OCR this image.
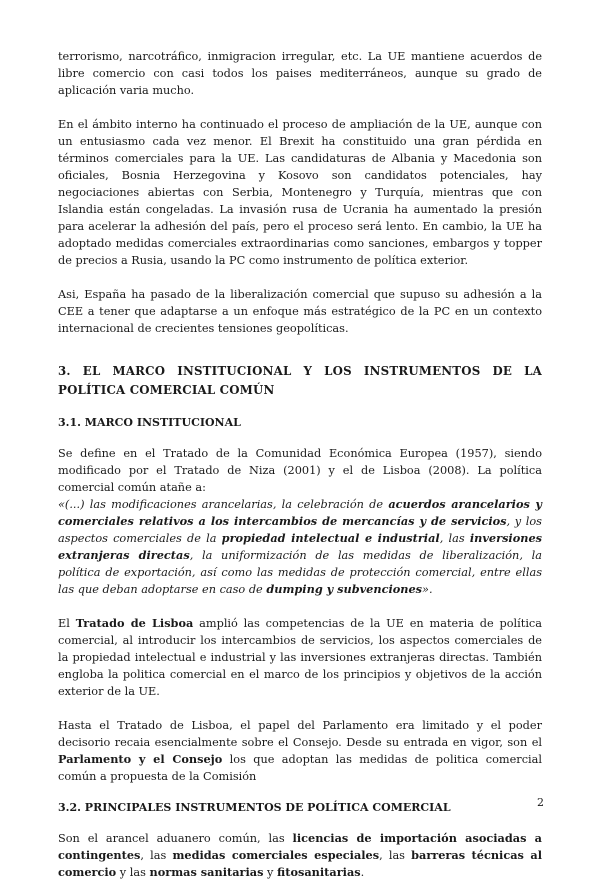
terrorismo, narcotráfico, inmigracion irregular, etc. La UE mantiene acuerdos de libre comercio con casi todos los paises mediterráneos, aunque su grado de aplicación varia mucho.

En el ámbito interno ha continuado el proceso de ampliación de la UE, aunque con un entusiasmo cada vez menor. El Brexit ha constituido una gran pérdida en términos comerciales para la UE. Las candidaturas de Albania y Macedonia son oficiales, Bosnia Herzegovina y Kosovo son candidatos potenciales, hay negociaciones abiertas con Serbia, Montenegro y Turquía, mientras que con Islandia están congeladas. La invasión rusa de Ucrania ha aumentado la presión para acelerar la adhesión del país, pero el proceso será lento. En cambio, la UE ha adoptado medidas comerciales extraordinarias como sanciones, embargos y topper de precios a Rusia, usando la PC como instrumento de política exterior.

Asi, España ha pasado de la liberalización comercial que supuso su adhesión a la CEE a tener que adaptarse a un enfoque más estratégico de la PC en un contexto internacional de crecientes tensiones geopolíticas.

3. EL MARCO INSTITUCIONAL Y LOS INSTRUMENTOS DE LA POLÍTICA COMERCIAL COMÚN
3.1. MARCO INSTITUCIONAL

Se define en el Tratado de la Comunidad Económica Europea (1957), siendo modificado por el Tratado de Niza (2001) y el de Lisboa (2008). La política comercial común atañe a:
«(...) las modificaciones arancelarias, la celebración de acuerdos arancelarios y comerciales relativos a los intercambios de mercancías y de servicios, y los aspectos comerciales de la propiedad intelectual e industrial, las inversiones extranjeras directas, la uniformización de las medidas de liberalización, la política de exportación, así como las medidas de protección comercial, entre ellas las que deban adoptarse en caso de dumping y subvenciones».

El Tratado de Lisboa amplió las competencias de la UE en materia de política comercial, al introducir los intercambios de servicios, los aspectos comerciales de la propiedad intelectual e industrial y las inversiones extranjeras directas. También engloba la politica comercial en el marco de los principios y objetivos de la acción exterior de la UE.

Hasta el Tratado de Lisboa, el papel del Parlamento era limitado y el poder decisorio recaia esencialmente sobre el Consejo. Desde su entrada en vigor, son el Parlamento y el Consejo los que adoptan las medidas de politica comercial común a propuesta de la Comisión

3.2. PRINCIPALES INSTRUMENTOS DE POLÍTICA COMERCIAL

Son el arancel aduanero común, las licencias de importación asociadas a contingentes, las medidas comerciales especiales, las barreras técnicas al comercio y las normas sanitarias y fitosanitarias.

2
